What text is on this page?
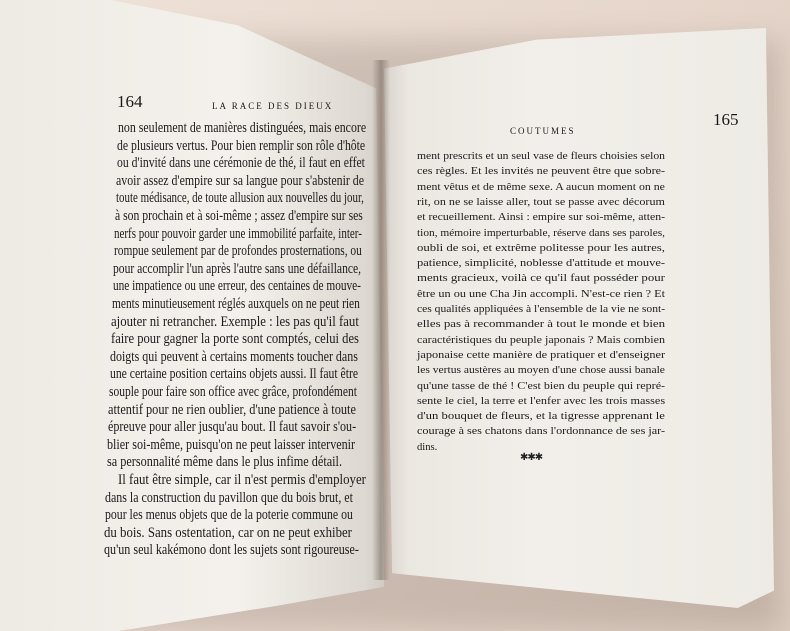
164	LA RACE DES DIEUX
165
COUTUMES
non seulement de manières distinguées, mais encore
de plusieurs vertus. Pour bien remplir son rôle d'hôte
ou d'invité dans une cérémonie de thé, il faut en effet
avoir assez d'empire sur sa langue pour s'abstenir de
toute médisance, de toute allusion aux nouvelles du jour,
à son prochain et à soi-même ; assez d'empire sur ses
nerfs pour pouvoir garder une immobilité parfaite, inter-
rompue seulement par de profondes prosternations, ou
pour accomplir l'un après l'autre sans une défaillance,
une impatience ou une erreur, des centaines de mouve-
ments minutieusement réglés auxquels on ne peut rien
ajouter ni retrancher. Exemple : les pas qu'il faut
faire pour gagner la porte sont comptés, celui des
doigts qui peuvent à certains moments toucher dans
une certaine position certains objets aussi. Il faut être
souple pour faire son office avec grâce, profondément
attentif pour ne rien oublier, d'une patience à toute
épreuve pour aller jusqu'au bout. Il faut savoir s'ou-
blier soi-même, puisqu'on ne peut laisser intervenir
sa personnalité même dans le plus infime détail.
Il faut être simple, car il n'est permis d'employer
dans la construction du pavillon que du bois brut, et
pour les menus objets que de la poterie commune ou
du bois. Sans ostentation, car on ne peut exhiber
qu'un seul kakémono dont les sujets sont rigoureuse-
ment prescrits et un seul vase de fleurs choisies selon
ces règles. Et les invités ne peuvent être que sobre-
ment vêtus et de même sexe. A aucun moment on ne
rit, on ne se laisse aller, tout se passe avec décorum
et recueillement. Ainsi : empire sur soi-même, atten-
tion, mémoire imperturbable, réserve dans ses paroles,
oubli de soi, et extrême politesse pour les autres,
patience, simplicité, noblesse d'attitude et mouve-
ments gracieux, voilà ce qu'il faut posséder pour
être un ou une Cha Jin accompli. N'est-ce rien ? Et
ces qualités appliquées à l'ensemble de la vie ne sont-
elles pas à recommander à tout le monde et bien
caractéristiques du peuple japonais ? Mais combien
japonaise cette manière de pratiquer et d'enseigner
les vertus austères au moyen d'une chose aussi banale
qu'une tasse de thé ! C'est bien du peuple qui repré-
sente le ciel, la terre et l'enfer avec les trois masses
d'un bouquet de fleurs, et la tigresse apprenant le
courage à ses chatons dans l'ordonnance de ses jar-
dins.
✱✱✱
